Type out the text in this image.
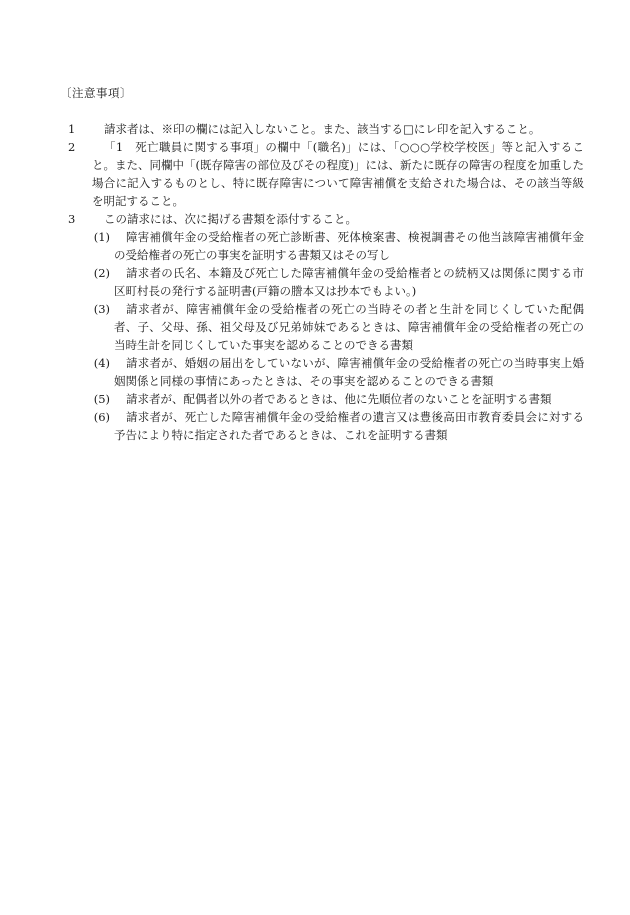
〔注意事項〕
1	請求者は、※印の欄には記入しないこと。また、該当する□にレ印を記入すること。
2	「1　死亡職員に関する事項」の欄中「(職名)」には、「○○○学校学校医」等と記入すること。また、同欄中「(既存障害の部位及びその程度)」には、新たに既存の障害の程度を加重した場合に記入するものとし、特に既存障害について障害補償を支給された場合は、その該当等級を明記すること。
3	この請求には、次に掲げる書類を添付すること。
(1)	障害補償年金の受給権者の死亡診断書、死体検案書、検視調書その他当該障害補償年金の受給権者の死亡の事実を証明する書類又はその写し
(2)	請求者の氏名、本籍及び死亡した障害補償年金の受給権者との続柄又は関係に関する市区町村長の発行する証明書(戸籍の謄本又は抄本でもよい。)
(3)	請求者が、障害補償年金の受給権者の死亡の当時その者と生計を同じくしていた配偶者、子、父母、孫、祖父母及び兄弟姉妹であるときは、障害補償年金の受給権者の死亡の当時生計を同じくしていた事実を認めることのできる書類
(4)	請求者が、婚姻の届出をしていないが、障害補償年金の受給権者の死亡の当時事実上婚姻関係と同様の事情にあったときは、その事実を認めることのできる書類
(5)	請求者が、配偶者以外の者であるときは、他に先順位者のないことを証明する書類
(6)	請求者が、死亡した障害補償年金の受給権者の遺言又は豊後高田市教育委員会に対する予告により特に指定された者であるときは、これを証明する書類
